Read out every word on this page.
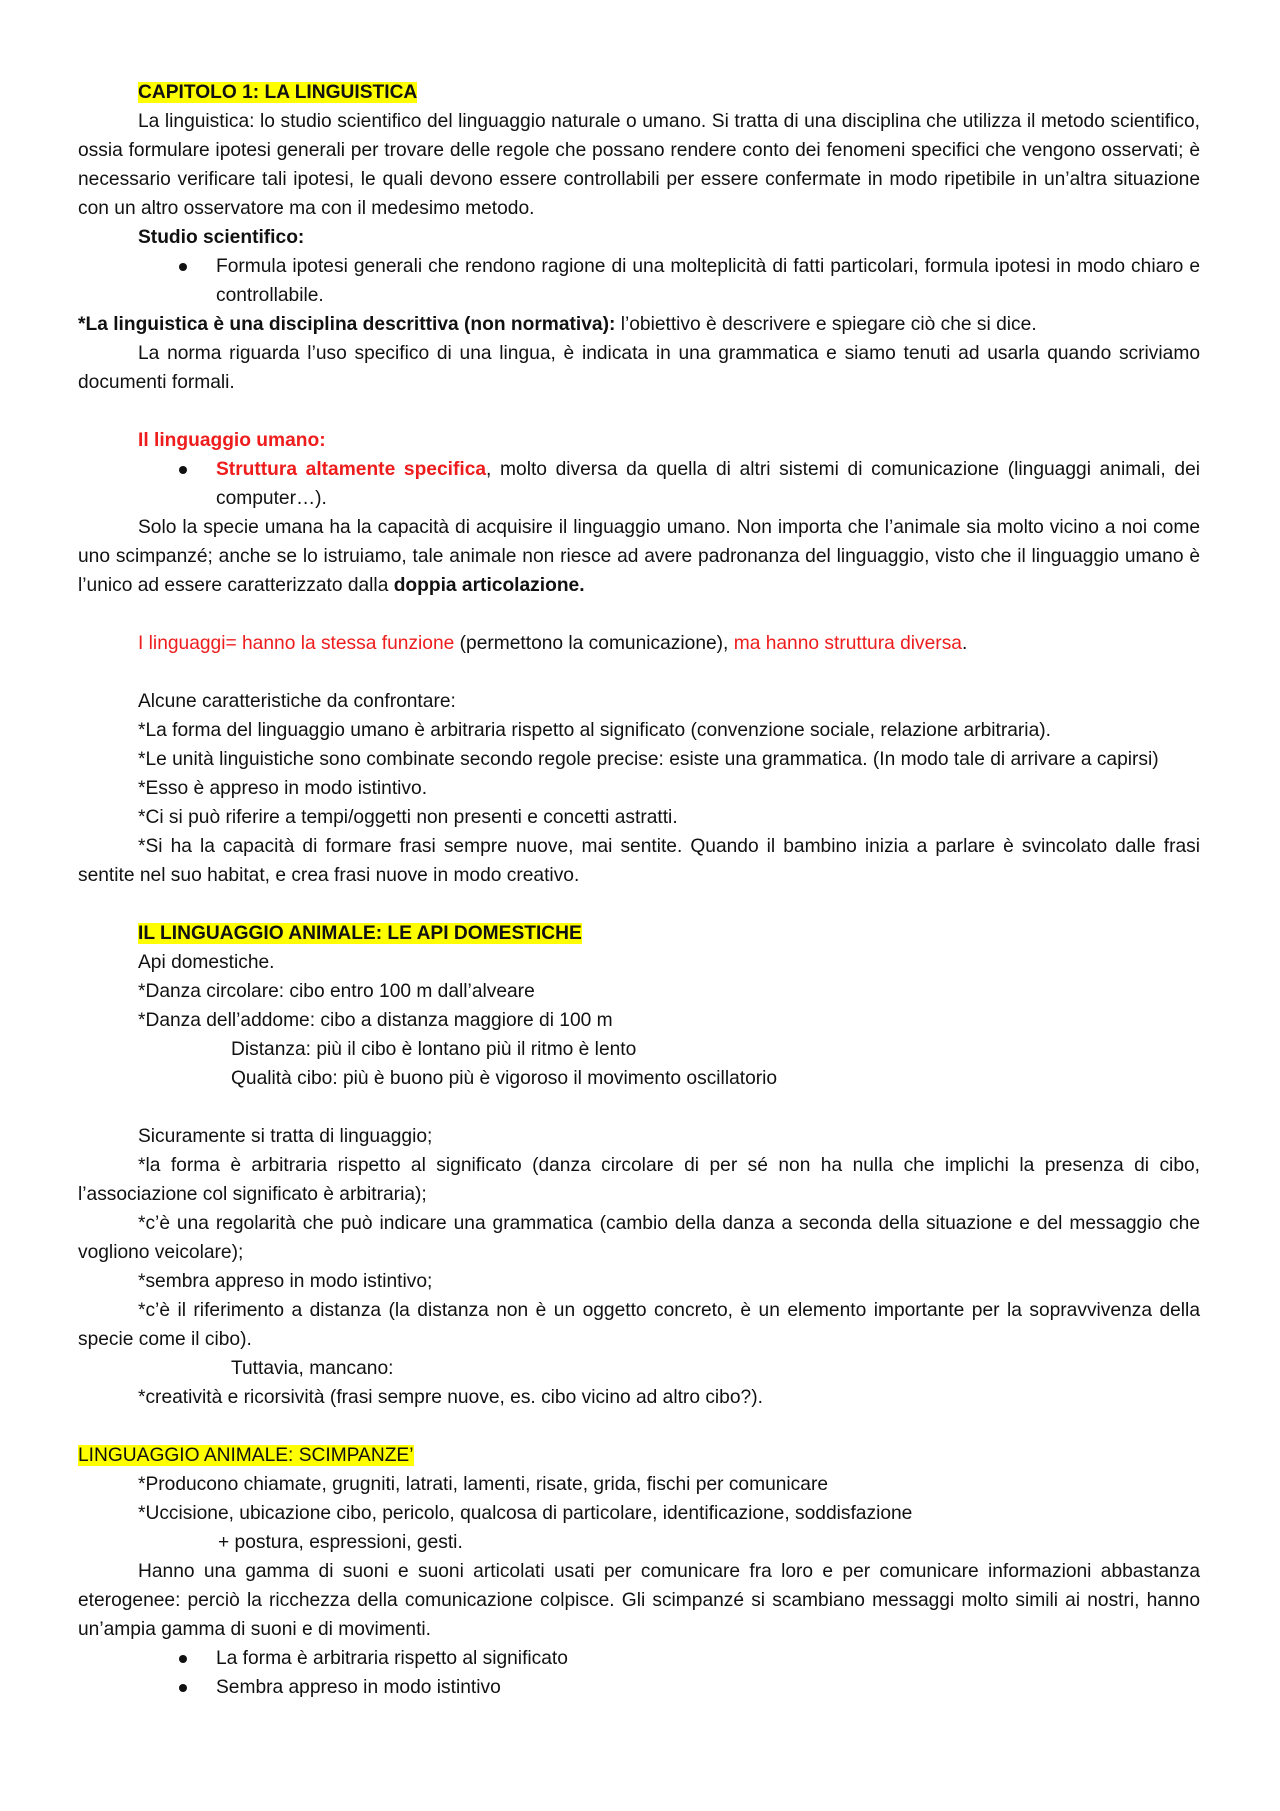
CAPITOLO 1: LA LINGUISTICA

La linguistica: lo studio scientifico del linguaggio naturale o umano. Si tratta di una disciplina che utilizza il metodo scientifico, ossia formulare ipotesi generali per trovare delle regole che possano rendere conto dei fenomeni specifici che vengono osservati; è necessario verificare tali ipotesi, le quali devono essere controllabili per essere confermate in modo ripetibile in un’altra situazione con un altro osservatore ma con il medesimo metodo.

Studio scientifico:

Formula ipotesi generali che rendono ragione di una molteplicità di fatti particolari, formula ipotesi in modo chiaro e controllabile.

*La linguistica è una disciplina descrittiva (non normativa): l’obiettivo è descrivere e spiegare ciò che si dice.

La norma riguarda l’uso specifico di una lingua, è indicata in una grammatica e siamo tenuti ad usarla quando scriviamo documenti formali.

Il linguaggio umano:

Struttura altamente specifica, molto diversa da quella di altri sistemi di comunicazione (linguaggi animali, dei computer…).

Solo la specie umana ha la capacità di acquisire il linguaggio umano. Non importa che l’animale sia molto vicino a noi come uno scimpanzé; anche se lo istruiamo, tale animale non riesce ad avere padronanza del linguaggio, visto che il linguaggio umano è l’unico ad essere caratterizzato dalla doppia articolazione.

I linguaggi= hanno la stessa funzione (permettono la comunicazione), ma hanno struttura diversa.

Alcune caratteristiche da confrontare:

*La forma del linguaggio umano è arbitraria rispetto al significato (convenzione sociale, relazione arbitraria).

*Le unità linguistiche sono combinate secondo regole precise: esiste una grammatica. (In modo tale di arrivare a capirsi)

*Esso è appreso in modo istintivo.

*Ci si può riferire a tempi/oggetti non presenti e concetti astratti.

*Si ha la capacità di formare frasi sempre nuove, mai sentite. Quando il bambino inizia a parlare è svincolato dalle frasi sentite nel suo habitat, e crea frasi nuove in modo creativo.

IL LINGUAGGIO ANIMALE: LE API DOMESTICHE

Api domestiche.

*Danza circolare: cibo entro 100 m dall’alveare

*Danza dell’addome: cibo a distanza maggiore di 100 m

Distanza: più il cibo è lontano più il ritmo è lento

Qualità cibo: più è buono più è vigoroso il movimento oscillatorio

Sicuramente si tratta di linguaggio;

*la forma è arbitraria rispetto al significato (danza circolare di per sé non ha nulla che implichi la presenza di cibo, l’associazione col significato è arbitraria);

*c’è una regolarità che può indicare una grammatica (cambio della danza a seconda della situazione e del messaggio che vogliono veicolare);

*sembra appreso in modo istintivo;

*c’è il riferimento a distanza (la distanza non è un oggetto concreto, è un elemento importante per la sopravvivenza della specie come il cibo).

Tuttavia, mancano:

*creatività e ricorsività (frasi sempre nuove, es. cibo vicino ad altro cibo?).

LINGUAGGIO ANIMALE: SCIMPANZE’

*Producono chiamate, grugniti, latrati, lamenti, risate, grida, fischi per comunicare

*Uccisione, ubicazione cibo, pericolo, qualcosa di particolare, identificazione, soddisfazione

+ postura, espressioni, gesti.

Hanno una gamma di suoni e suoni articolati usati per comunicare fra loro e per comunicare informazioni abbastanza eterogenee: perciò la ricchezza della comunicazione colpisce. Gli scimpanzé si scambiano messaggi molto simili ai nostri, hanno un’ampia gamma di suoni e di movimenti.

La forma è arbitraria rispetto al significato
Sembra appreso in modo istintivo
